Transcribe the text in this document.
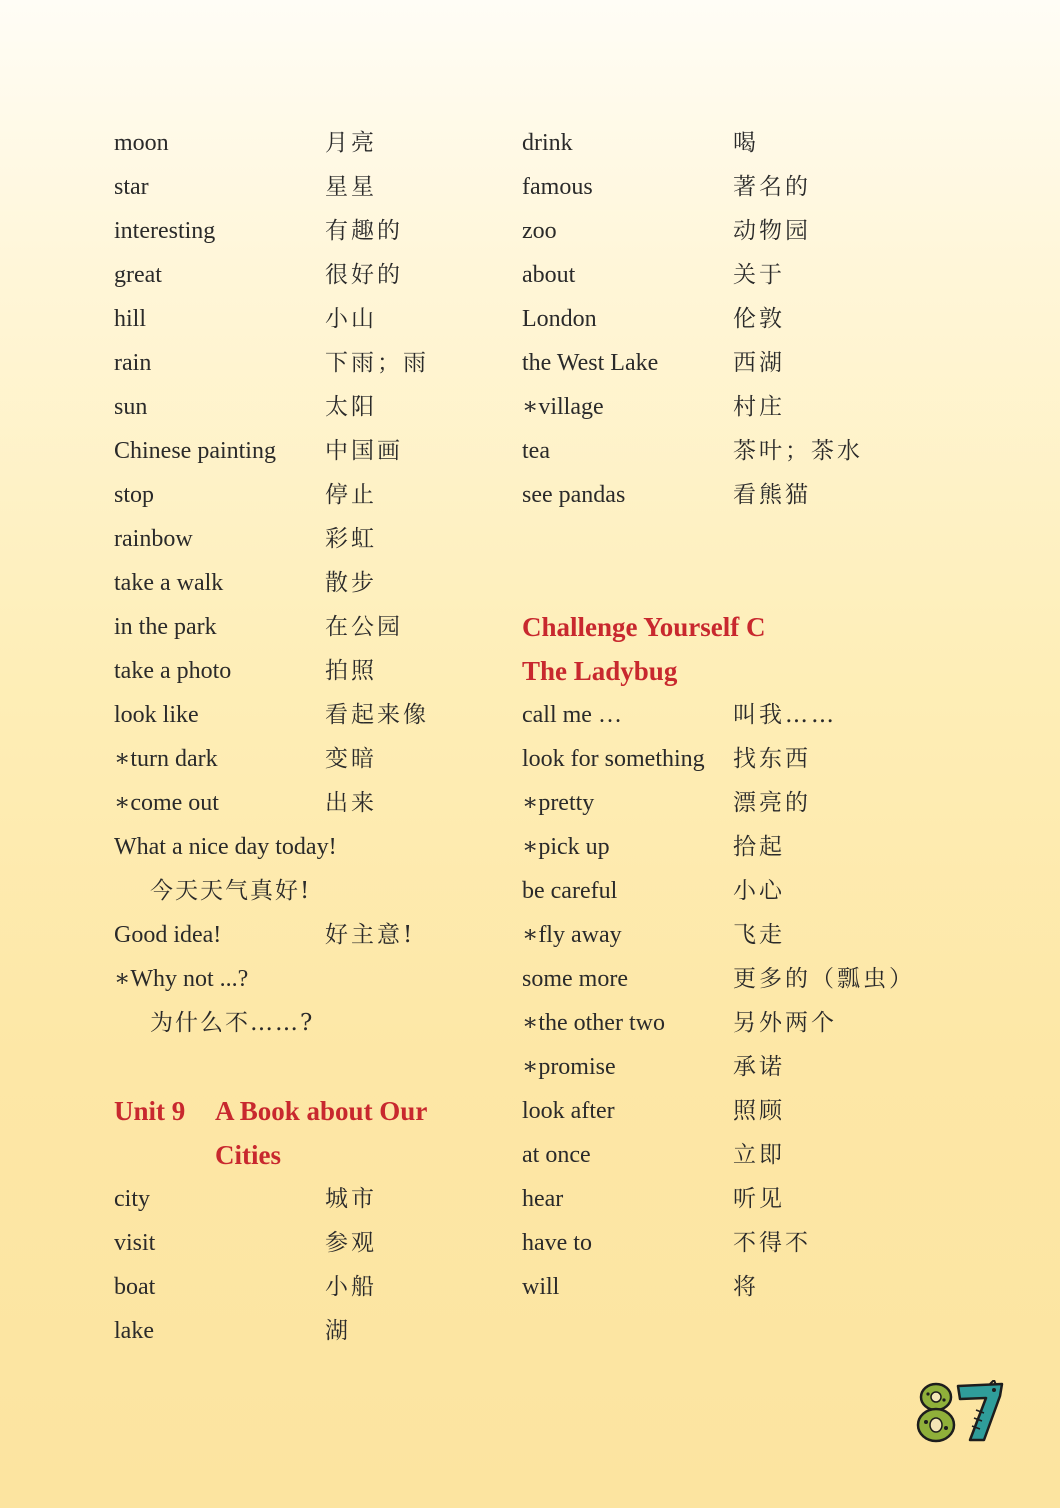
moon	月亮
star	星星
interesting	有趣的
great	很好的
hill	小山
rain	下雨；雨
sun	太阳
Chinese painting 中国画
stop	停止
rainbow	彩虹
take a walk	散步
in the park	在公园
take a photo	拍照
look like	看起来像
∗turn dark	变暗
∗come out	出来
What a nice day today!
今天天气真好!
Good idea!	好主意!
∗Why not ...?
为什么不……?
Unit 9 A Book about Our
Cities
city	城市
visit	参观
boat	小船
lake	湖
drink	喝
famous	著名的
zoo	动物园
about	关于
London	伦敦
the West Lake	西湖
∗village	村庄
tea	茶叶；茶水
see pandas	看熊猫
Challenge Yourself C
The Ladybug
call me …	叫我……
look for something 找东西
∗pretty	漂亮的
∗pick up	拾起
be careful	小心
∗fly away	飞走
some more	更多的（瓢虫）
∗the other two	另外两个
∗promise	承诺
look after	照顾
at once	立即
hear	听见
have to	不得不
will	将
87
